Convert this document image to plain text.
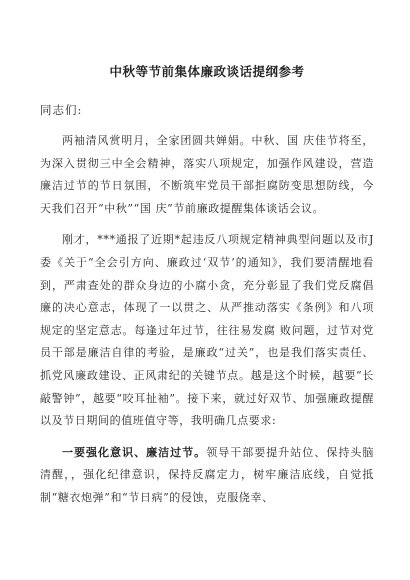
中秋等节前集体廉政谈话提纲参考
同志们:

两袖清风赏明月，全家团圆共婵娟。中秋、国 庆佳节将至，为深入贯彻三中全会精神，落实八项规定，加强作风建设，营造廉洁过节的节日氛围，不断筑牢党员干部拒腐防变思想防线，今天我们召开“中秋”“国 庆”节前廉政提醒集体谈话会议。

刚才，***通报了近期*起违反八项规定精神典型问题以及市J委《关于“全会引方向、廉政过‘双节’的通知》，我们要清醒地看到，严肃查处的群众身边的小腐小贪，充分彰显了我们党反腐倡廉的决心意志，体现了一以贯之、从严推动落实《条例》和八项规定的坚定意志。每逢过年过节，往往易发腐 败问题，过节对党员干部是廉洁自律的考验，是廉政“过关”，也是我们落实责任、抓党风廉政建设、正风肃纪的关键节点。越是这个时候，越要“长敲警钟”，越要“咬耳扯袖”。接下来，就过好双节、加强廉政提醒以及节日期间的值班值守等，我明确几点要求:

一要强化意识、廉洁过节。领导干部要提升站位、保持头脑清醒，，强化纪律意识，保持反腐定力，树牢廉洁底线，自觉抵 制“糖衣炮弹”和“节日病”的侵蚀，克服侥幸、
